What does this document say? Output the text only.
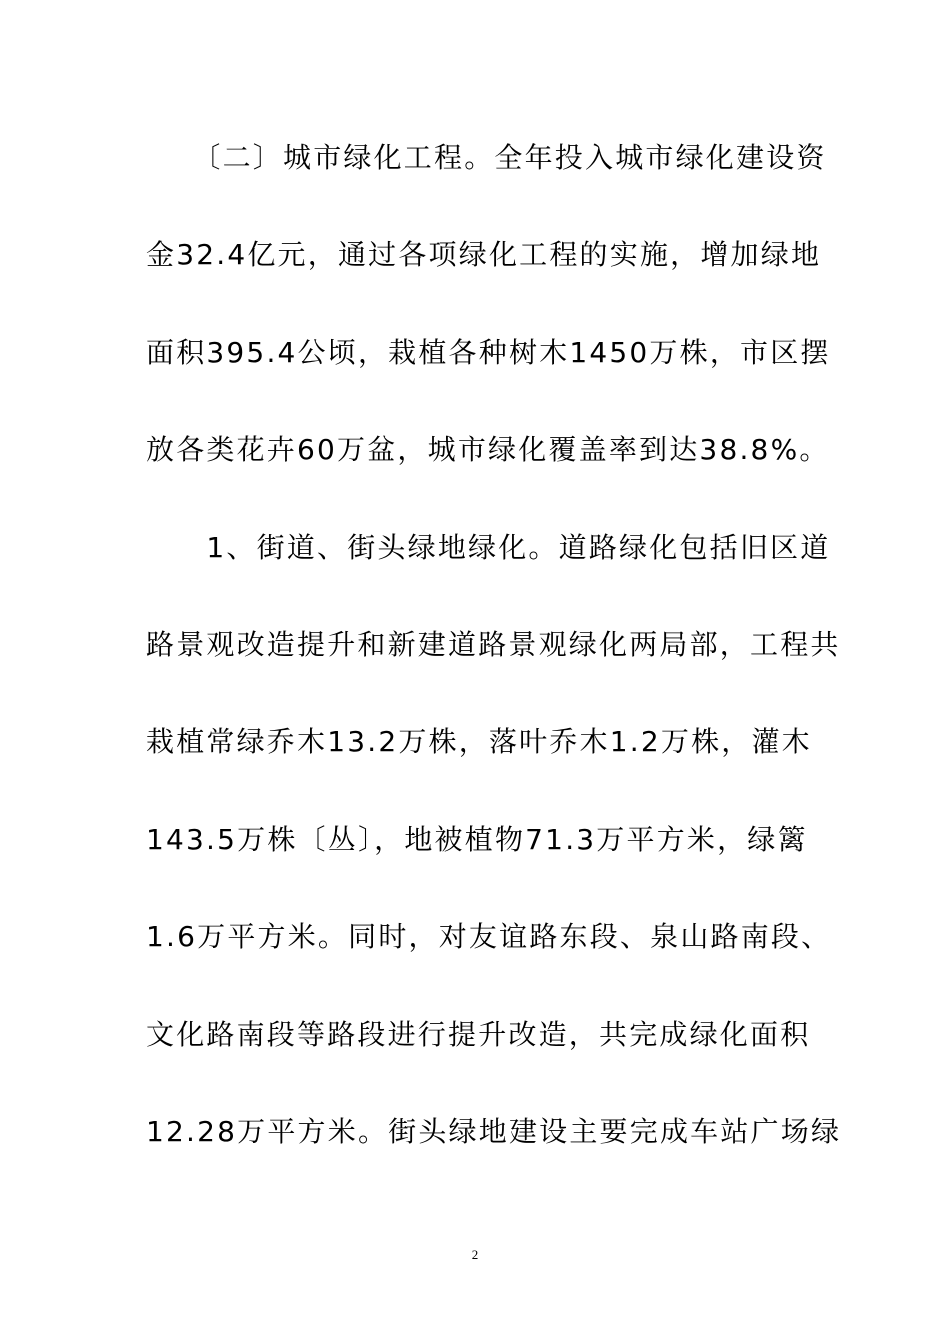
　　〔二〕城市绿化工程。全年投入城市绿化建设资
金32.4亿元，通过各项绿化工程的实施，增加绿地
面积395.4公顷，栽植各种树木1450万株，市区摆
放各类花卉60万盆，城市绿化覆盖率到达38.8%。
　　1、街道、街头绿地绿化。道路绿化包括旧区道
路景观改造提升和新建道路景观绿化两局部，工程共
栽植常绿乔木13.2万株，落叶乔木1.2万株，灌木
143.5万株〔丛〕，地被植物71.3万平方米，绿篱
1.6万平方米。同时，对友谊路东段、泉山路南段、
文化路南段等路段进行提升改造，共完成绿化面积
12.28万平方米。街头绿地建设主要完成车站广场绿
2
